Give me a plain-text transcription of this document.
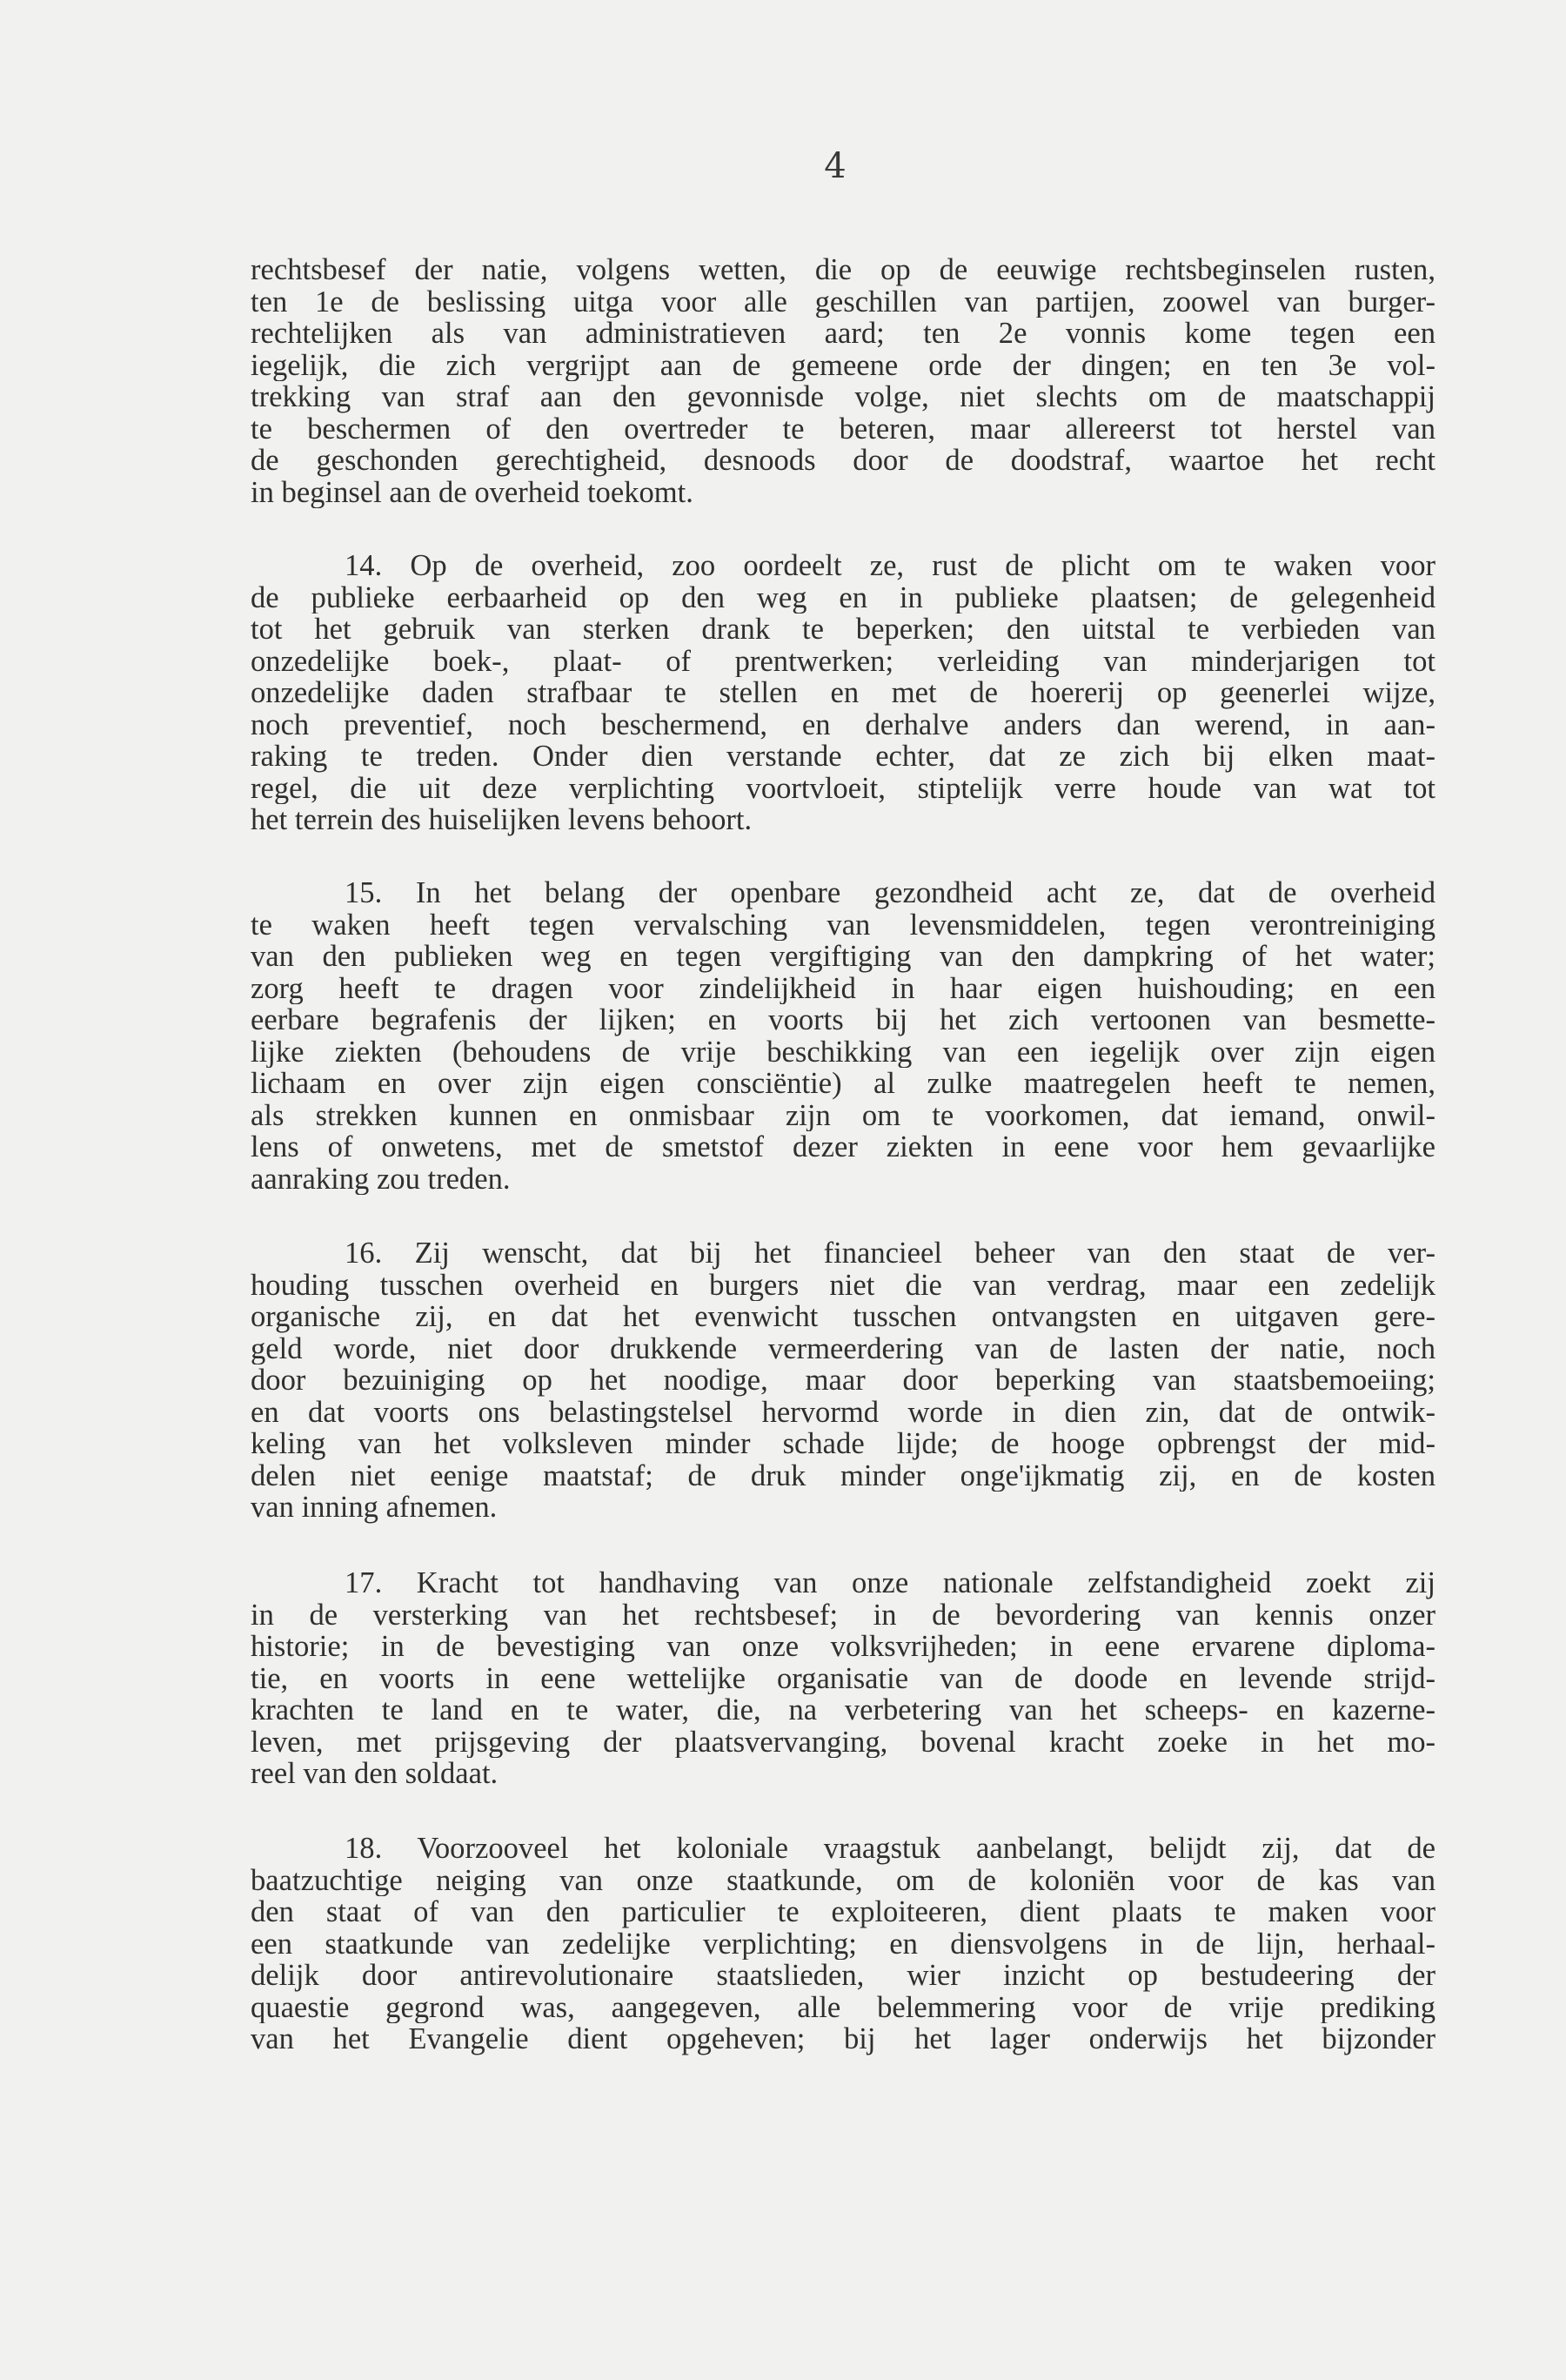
4
rechtsbesef der natie, volgens wetten, die op de eeuwige rechtsbeginselen rusten,
ten 1e de beslissing uitga voor alle geschillen van partijen, zoowel van burger-
rechtelijken als van administratieven aard; ten 2e vonnis kome tegen een
iegelijk, die zich vergrijpt aan de gemeene orde der dingen; en ten 3e vol-
trekking van straf aan den gevonnisde volge, niet slechts om de maatschappij
te beschermen of den overtreder te beteren, maar allereerst tot herstel van
de geschonden gerechtigheid, desnoods door de doodstraf, waartoe het recht
in beginsel aan de overheid toekomt.
14. Op de overheid, zoo oordeelt ze, rust de plicht om te waken voor
de publieke eerbaarheid op den weg en in publieke plaatsen; de gelegenheid
tot het gebruik van sterken drank te beperken; den uitstal te verbieden van
onzedelijke boek-, plaat- of prentwerken; verleiding van minderjarigen tot
onzedelijke daden strafbaar te stellen en met de hoererij op geenerlei wijze,
noch preventief, noch beschermend, en derhalve anders dan werend, in aan-
raking te treden. Onder dien verstande echter, dat ze zich bij elken maat-
regel, die uit deze verplichting voortvloeit, stiptelijk verre houde van wat tot
het terrein des huiselijken levens behoort.
15. In het belang der openbare gezondheid acht ze, dat de overheid
te waken heeft tegen vervalsching van levensmiddelen, tegen verontreiniging
van den publieken weg en tegen vergiftiging van den dampkring of het water;
zorg heeft te dragen voor zindelijkheid in haar eigen huishouding; en een
eerbare begrafenis der lijken; en voorts bij het zich vertoonen van besmette-
lijke ziekten (behoudens de vrije beschikking van een iegelijk over zijn eigen
lichaam en over zijn eigen consciëntie) al zulke maatregelen heeft te nemen,
als strekken kunnen en onmisbaar zijn om te voorkomen, dat iemand, onwil-
lens of onwetens, met de smetstof dezer ziekten in eene voor hem gevaarlijke
aanraking zou treden.
16. Zij wenscht, dat bij het financieel beheer van den staat de ver-
houding tusschen overheid en burgers niet die van verdrag, maar een zedelijk
organische zij, en dat het evenwicht tusschen ontvangsten en uitgaven gere-
geld worde, niet door drukkende vermeerdering van de lasten der natie, noch
door bezuiniging op het noodige, maar door beperking van staatsbemoeiing;
en dat voorts ons belastingstelsel hervormd worde in dien zin, dat de ontwik-
keling van het volksleven minder schade lijde; de hooge opbrengst der mid-
delen niet eenige maatstaf; de druk minder onge'ijkmatig zij, en de kosten
van inning afnemen.
17. Kracht tot handhaving van onze nationale zelfstandigheid zoekt zij
in de versterking van het rechtsbesef; in de bevordering van kennis onzer
historie; in de bevestiging van onze volksvrijheden; in eene ervarene diploma-
tie, en voorts in eene wettelijke organisatie van de doode en levende strijd-
krachten te land en te water, die, na verbetering van het scheeps- en kazerne-
leven, met prijsgeving der plaatsvervanging, bovenal kracht zoeke in het mo-
reel van den soldaat.
18. Voorzooveel het koloniale vraagstuk aanbelangt, belijdt zij, dat de
baatzuchtige neiging van onze staatkunde, om de koloniën voor de kas van
den staat of van den particulier te exploiteeren, dient plaats te maken voor
een staatkunde van zedelijke verplichting; en diensvolgens in de lijn, herhaal-
delijk door antirevolutionaire staatslieden, wier inzicht op bestudeering der
quaestie gegrond was, aangegeven, alle belemmering voor de vrije prediking
van het Evangelie dient opgeheven; bij het lager onderwijs het bijzonder
